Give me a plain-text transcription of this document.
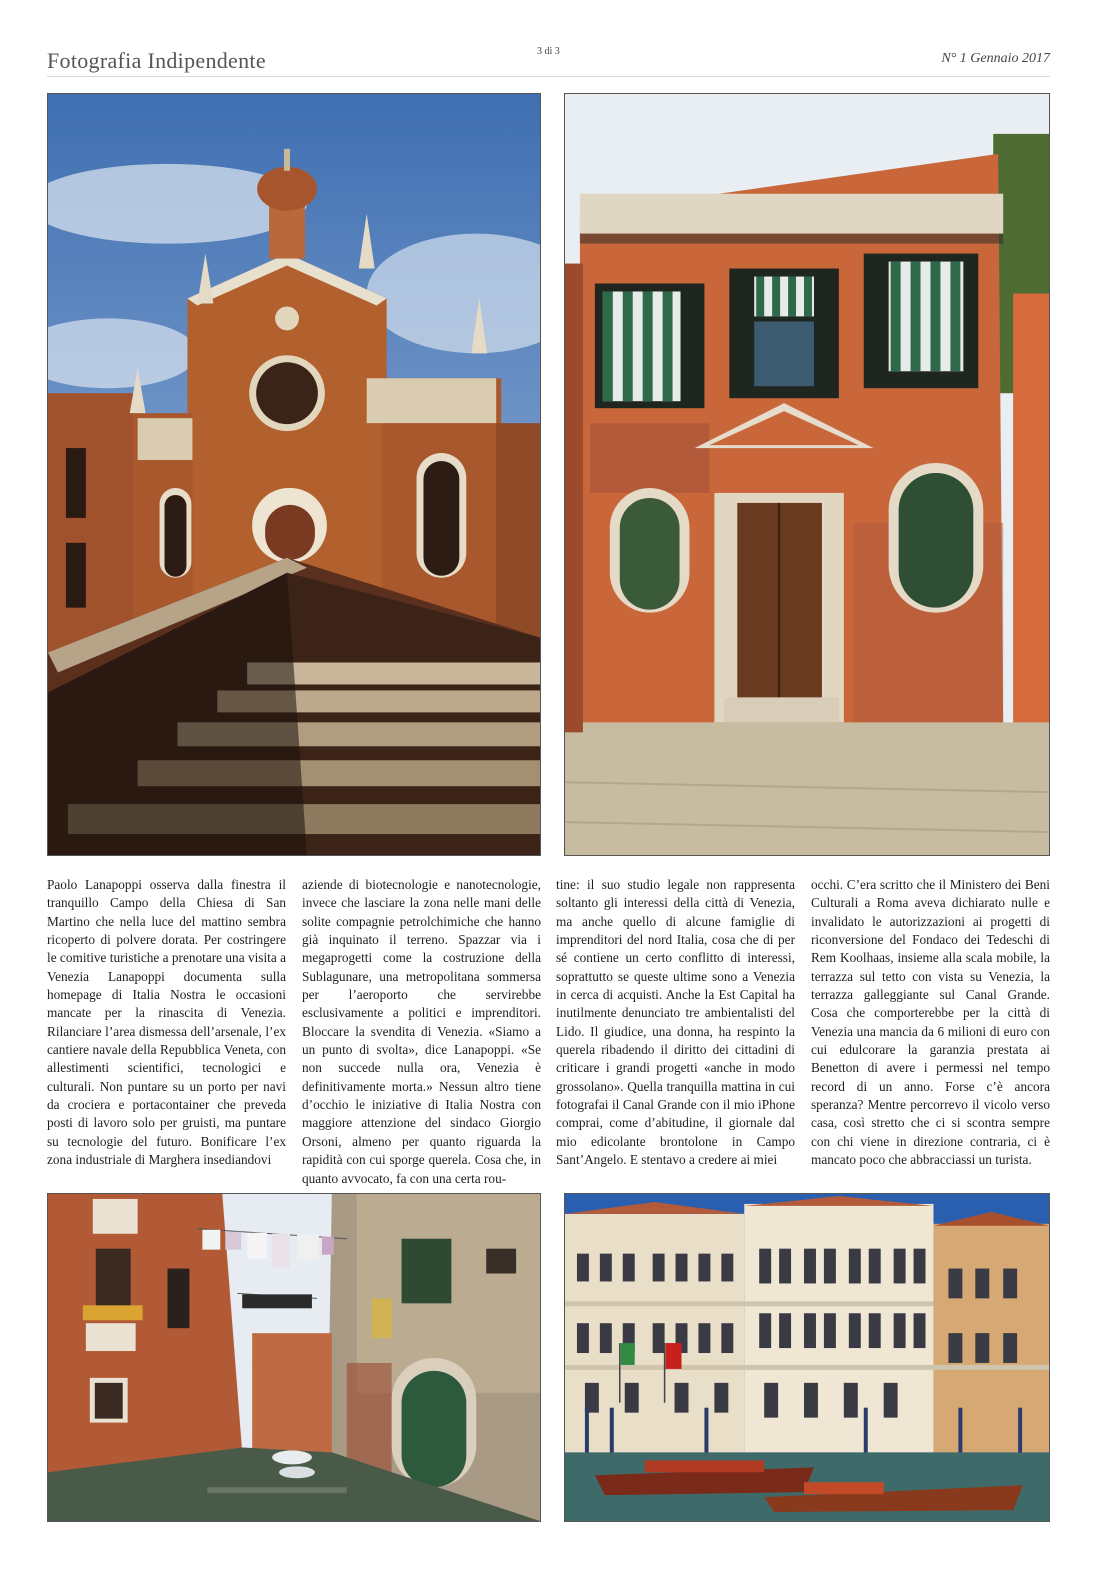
Fotografia Indipendente	3 di 3	N° 1 Gennaio 2017
Paolo Lanapoppi osserva dalla finestra il tranquillo Campo della Chiesa di San Martino che nella luce del mattino sembra ricoperto di polvere dorata. Per costringere le comitive turistiche a prenotare una visita a Venezia Lanapoppi documenta sulla homepage di Italia Nostra le occasioni mancate per la rinascita di Venezia. Rilanciare l’area dismessa dell’arsenale, l’ex cantiere navale della Repubblica Veneta, con allestimenti scientifici, tecnologici e culturali. Non puntare su un porto per navi da crociera e portacontainer che preveda posti di lavoro solo per gruisti, ma puntare su tecnologie del futuro. Bonificare l’ex zona industriale di Marghera insediandovi
aziende di biotecnologie e nanotecnologie, invece che lasciare la zona nelle mani delle solite compagnie petrolchimiche che hanno già inquinato il terreno. Spazzar via i megaprogetti come la costruzione della Sublagunare, una metropolitana sommersa per l’aeroporto che servirebbe esclusivamente a politici e imprenditori. Bloccare la svendita di Venezia. «Siamo a un punto di svolta», dice Lanapoppi. «Se non succede nulla ora, Venezia è definitivamente morta.» Nessun altro tiene d’occhio le iniziative di Italia Nostra con maggiore attenzione del sindaco Giorgio Orsoni, almeno per quanto riguarda la rapidità con cui sporge querela. Cosa che, in quanto avvocato, fa con una certa rou-
tine: il suo studio legale non rappresenta soltanto gli interessi della città di Venezia, ma anche quello di alcune famiglie di imprenditori del nord Italia, cosa che di per sé contiene un certo conflitto di interessi, soprattutto se queste ultime sono a Venezia in cerca di acquisti. Anche la Est Capital ha inutilmente denunciato tre ambientalisti del Lido. Il giudice, una donna, ha respinto la querela ribadendo il diritto dei cittadini di criticare i grandi progetti «anche in modo grossolano». Quella tranquilla mattina in cui fotografai il Canal Grande con il mio iPhone comprai, come d’abitudine, il giornale dal mio edicolante brontolone in Campo Sant’Angelo. E stentavo a credere ai miei
occhi. C’era scritto che il Ministero dei Beni Culturali a Roma aveva dichiarato nulle e invalidato le autorizzazioni ai progetti di riconversione del Fondaco dei Tedeschi di Rem Koolhaas, insieme alla scala mobile, la terrazza sul tetto con vista su Venezia, la terrazza galleggiante sul Canal Grande. Cosa che comporterebbe per la città di Venezia una mancia da 6 milioni di euro con cui edulcorare la garanzia prestata ai Benetton di avere i permessi nel tempo record di un anno. Forse c’è ancora speranza? Mentre percorrevo il vicolo verso casa, così stretto che ci si scontra sempre con chi viene in direzione contraria, ci è mancato poco che abbracciassi un turista.
